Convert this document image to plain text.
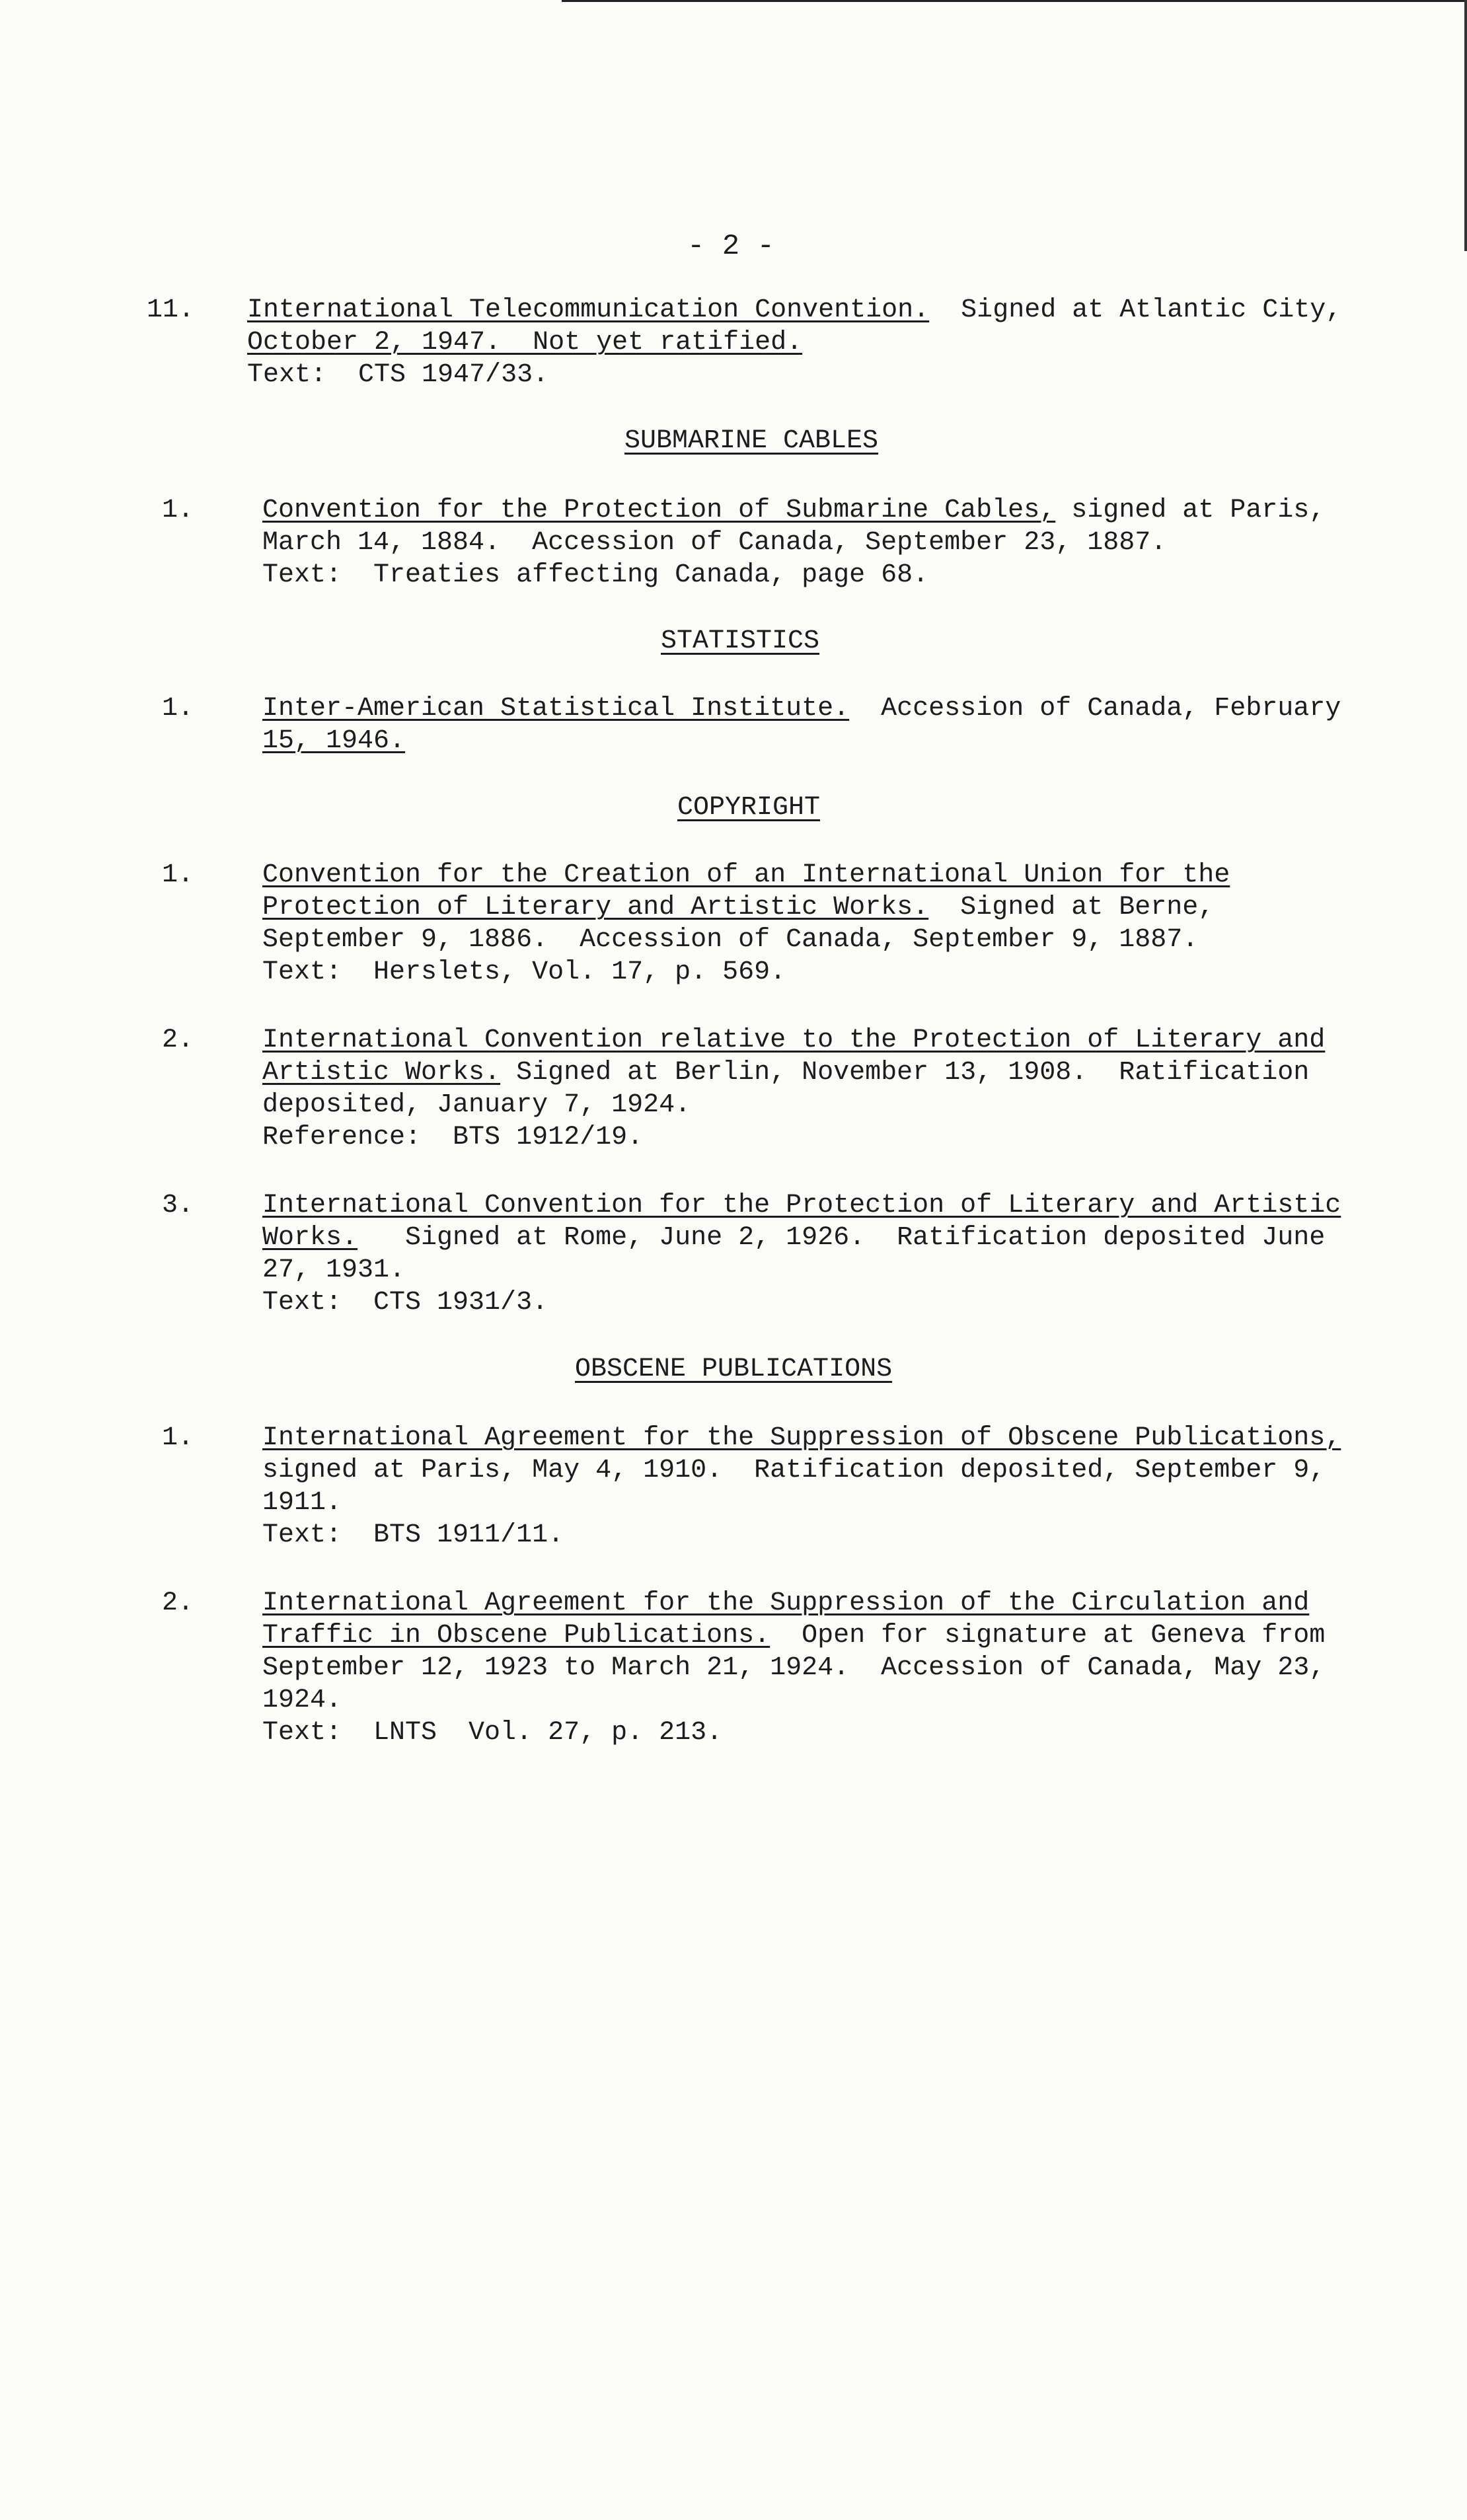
- 2 -
11. International Telecommunication Convention.  Signed at Atlantic City,
October 2, 1947.  Not yet ratified.
Text:  CTS 1947/33.
SUBMARINE CABLES
1.	Convention for the Protection of Submarine Cables, signed at Paris,
March 14, 1884.  Accession of Canada, September 23, 1887.
Text:  Treaties affecting Canada, page 68.
STATISTICS
1.	Inter-American Statistical Institute.  Accession of Canada, February
15, 1946.
COPYRIGHT
1.	Convention for the Creation of an International Union for the
Protection of Literary and Artistic Works.  Signed at Berne,
September 9, 1886.  Accession of Canada, September 9, 1887.
Text:  Herslets, Vol. 17, p. 569.
2.	International Convention relative to the Protection of Literary and
Artistic Works. Signed at Berlin, November 13, 1908.  Ratification
deposited, January 7, 1924.
Reference:  BTS 1912/19.
3.	International Convention for the Protection of Literary and Artistic
Works.   Signed at Rome, June 2, 1926.  Ratification deposited June
27, 1931.
Text:  CTS 1931/3.
OBSCENE PUBLICATIONS
1.	International Agreement for the Suppression of Obscene Publications,
signed at Paris, May 4, 1910.  Ratification deposited, September 9,
1911.
Text:  BTS 1911/11.
2.	International Agreement for the Suppression of the Circulation and
Traffic in Obscene Publications.  Open for signature at Geneva from
September 12, 1923 to March 21, 1924.  Accession of Canada, May 23,
1924.
Text:  LNTS  Vol. 27, p. 213.
